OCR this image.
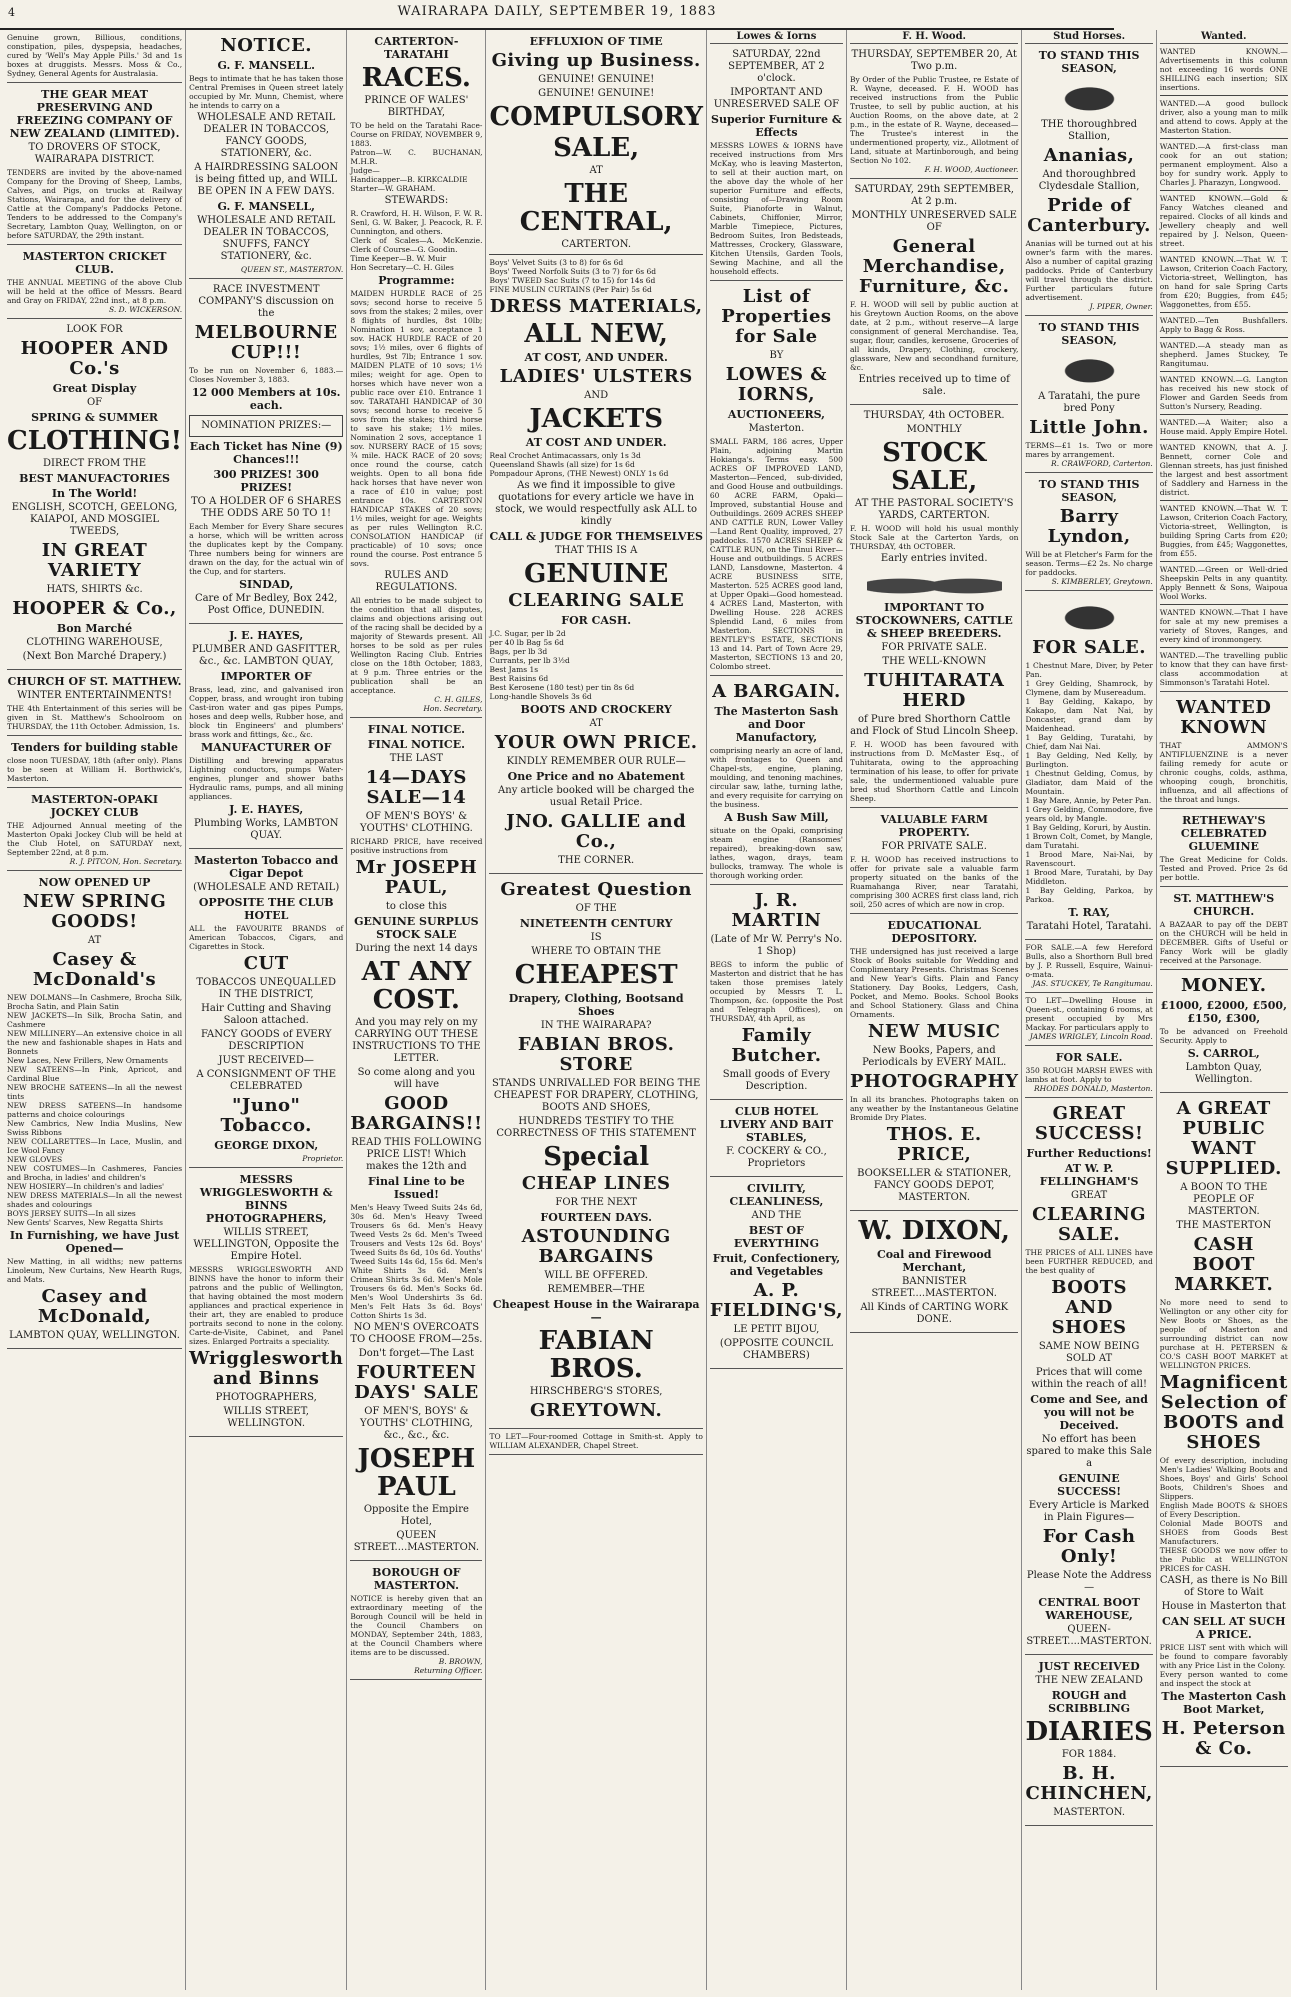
4	WAIRARAPA DAILY, SEPTEMBER 19, 1883
Genuine grown, Billious, conditions, constipation, piles, dyspepsia, headaches, cured by 'Well's May Apple Pills.' 3d and 1s boxes at druggists. Messrs. Moss & Co., Sydney, General Agents for Australasia.
THE GEAR MEAT PRESERVING AND FREEZING COMPANY OF NEW ZEALAND (LIMITED).
TO DROVERS OF STOCK, WAIRARAPA DISTRICT.
TENDERS are invited by the above-named Company for the Droving of Sheep, Lambs, Calves, and Pigs, on trucks at Railway Stations, Wairarapa, and for the delivery of Cattle at the Company's Paddocks Petone. Tenders to be addressed to the Company's Secretary, Lambton Quay, Wellington, on or before SATURDAY, the 29th instant.
MASTERTON CRICKET CLUB.
THE ANNUAL MEETING of the above Club will be held at the office of Messrs. Beard and Gray on FRIDAY, 22nd inst., at 8 p.m.
S. D. WICKERSON.
LOOK FOR
HOOPER AND Co.'s
Great Display
OF
SPRING & SUMMER
CLOTHING!
DIRECT FROM THE
BEST MANUFACTORIES
In The World!
ENGLISH, SCOTCH, GEELONG, KAIAPOI, AND MOSGIEL TWEEDS,
IN GREAT VARIETY
HATS, SHIRTS &c.
HOOPER & Co.,
Bon Marché
CLOTHING WAREHOUSE,
(Next Bon Marché Drapery.)
CHURCH OF ST. MATTHEW.
WINTER ENTERTAINMENTS!
THE 4th Entertainment of this series will be given in St. Matthew's Schoolroom on THURSDAY, the 11th October. Admission, 1s.
Tenders for building stable
close noon TUESDAY, 18th (after only). Plans to be seen at William H. Borthwick's, Masterton.
MASTERTON-OPAKI JOCKEY CLUB
THE Adjourned Annual meeting of the Masterton Opaki Jockey Club will be held at the Club Hotel, on SATURDAY next, September 22nd, at 8 p.m.
R. J. PITCON, Hon. Secretary.
NOW OPENED UP
NEW SPRING GOODS!
AT
Casey & McDonald's
NEW DOLMANS—In Cashmere, Brocha Silk, Brocha Satin, and Plain Satin
NEW JACKETS—In Silk, Brocha Satin, and Cashmere
NEW MILLINERY—An extensive choice in all the new and fashionable shapes in Hats and Bonnets
New Laces, New Frillers, New Ornaments
NEW SATEENS—In Pink, Apricot, and Cardinal Blue
NEW BROCHE SATEENS—In all the newest tints
NEW DRESS SATEENS—In handsome patterns and choice colourings
New Cambrics, New India Muslins, New Swiss Ribbons
NEW COLLARETTES—In Lace, Muslin, and Ice Wool Fancy
NEW GLOVES
NEW COSTUMES—In Cashmeres, Fancies and Brocha, in ladies' and children's
NEW HOSIERY—In children's and ladies'
NEW DRESS MATERIALS—In all the newest shades and colourings
BOYS JERSEY SUITS—In all sizes
New Gents' Scarves, New Regatta Shirts
In Furnishing, we have Just Opened—
New Matting, in all widths; new patterns Linoleum, New Curtains, New Hearth Rugs, and Mats.
Casey and McDonald,
LAMBTON QUAY, WELLINGTON.
NOTICE.
G. F. MANSELL.
Begs to intimate that he has taken those Central Premises in Queen street lately occupied by Mr. Munn, Chemist, where he intends to carry on a
WHOLESALE AND RETAIL DEALER IN TOBACCOS, FANCY GOODS, STATIONERY, &c.
A HAIRDRESSING SALOON is being fitted up, and WILL BE OPEN IN A FEW DAYS.
G. F. MANSELL,
WHOLESALE AND RETAIL DEALER IN TOBACCOS, SNUFFS, FANCY STATIONERY, &c.
QUEEN ST., MASTERTON.
RACE INVESTMENT COMPANY'S discussion on the
MELBOURNE CUP!!!
To be run on November 6, 1883.—Closes November 3, 1883.
12 000 Members at 10s. each.
NOMINATION PRIZES:—
Each Ticket has Nine (9) Chances!!!
300 PRIZES! 300 PRIZES!
TO A HOLDER OF 6 SHARES THE ODDS ARE 50 TO 1!
Each Member for Every Share secures a horse, which will be written across the duplicates kept by the Company. Three numbers being for winners are drawn on the day, for the actual win of the Cup, and for starters.
SINDAD,
Care of Mr Bedley, Box 242, Post Office, DUNEDIN.
J. E. HAYES,
PLUMBER AND GASFITTER, &c., &c. LAMBTON QUAY,
IMPORTER OF
Brass, lead, zinc, and galvanised iron Copper, brass, and wrought iron tubing Cast-iron water and gas pipes Pumps, hoses and deep wells, Rubber hose, and block tin Engineers' and plumbers' brass work and fittings, &c., &c.
MANUFACTURER OF
Distilling and brewing apparatus Lightning conductors, pumps Water-engines, plunger and shower baths Hydraulic rams, pumps, and all mining appliances.
J. E. HAYES,
Plumbing Works, LAMBTON QUAY.
Masterton Tobacco and Cigar Depot
(WHOLESALE AND RETAIL)
OPPOSITE THE CLUB HOTEL
ALL the FAVOURITE BRANDS of American Tobaccos, Cigars, and Cigarettes in Stock.
CUT
TOBACCOS UNEQUALLED IN THE DISTRICT,
Hair Cutting and Shaving Saloon attached.
FANCY GOODS of EVERY DESCRIPTION
JUST RECEIVED—
A CONSIGNMENT OF THE CELEBRATED
"Juno" Tobacco.
GEORGE DIXON,
Proprietor.
MESSRS WRIGGLESWORTH & BINNS PHOTOGRAPHERS,
WILLIS STREET, WELLINGTON, Opposite the Empire Hotel.
MESSRS WRIGGLESWORTH AND BINNS have the honor to inform their patrons and the public of Wellington, that having obtained the most modern appliances and practical experience in their art, they are enabled to produce portraits second to none in the colony. Carte-de-Visite, Cabinet, and Panel sizes. Enlarged Portraits a speciality.
Wrigglesworth and Binns
PHOTOGRAPHERS,
WILLIS STREET, WELLINGTON.
CARTERTON-TARATAHI
RACES.
PRINCE OF WALES' BIRTHDAY,
TO be held on the Taratahi Race-Course on FRIDAY, NOVEMBER 9, 1883.
Patron—W. C. BUCHANAN, M.H.R.
Judge—
Handicapper—B. KIRKCALDIE
Starter—W. GRAHAM.
STEWARDS:
R. Crawford, H. H. Wilson, F. W. R. Senl, G. W. Baker, J. Peacock, R. F. Cunnington, and others.
Clerk of Scales—A. McKenzie. Clerk of Course—G. Goodin.
Time Keeper—B. W. Muir
Hon Secretary—C. H. Giles
Programme:
MAIDEN HURDLE RACE of 25 sovs; second horse to receive 5 sovs from the stakes; 2 miles, over 8 flights of hurdles, 8st 10lb; Nomination 1 sov, acceptance 1 sov. HACK HURDLE RACE of 20 sovs; 1½ miles, over 6 flights of hurdles, 9st 7lb; Entrance 1 sov. MAIDEN PLATE of 10 sovs; 1½ miles; weight for age. Open to horses which have never won a public race over £10. Entrance 1 sov. TARATAHI HANDICAP of 30 sovs; second horse to receive 5 sovs from the stakes; third horse to save his stake; 1½ miles. Nomination 2 sovs, acceptance 1 sov. NURSERY RACE of 15 sovs; ¾ mile. HACK RACE of 20 sovs; once round the course, catch weights. Open to all bona fide hack horses that have never won a race of £10 in value; post entrance 10s. CARTERTON HANDICAP STAKES of 20 sovs; 1½ miles, weight for age. Weights as per rules Wellington R.C. CONSOLATION HANDICAP (if practicable) of 10 sovs; once round the course. Post entrance 5 sovs.
RULES AND REGULATIONS.
All entries to be made subject to the condition that all disputes, claims and objections arising out of the racing shall be decided by a majority of Stewards present. All horses to be sold as per rules Wellington Racing Club. Entries close on the 18th October, 1883, at 9 p.m. Three entries or the publication shall be an acceptance.
C. H. GILES,
Hon. Secretary.
FINAL NOTICE.
FINAL NOTICE.
THE LAST
14—DAYS SALE—14
OF MEN'S BOYS' & YOUTHS' CLOTHING.
RICHARD PRICE, have received positive instructions from
Mr JOSEPH PAUL,
to close this
GENUINE SURPLUS STOCK SALE
During the next 14 days
AT ANY COST.
And you may rely on my CARRYING OUT THESE INSTRUCTIONS TO THE LETTER.
So come along and you will have
GOOD BARGAINS!!
READ THIS FOLLOWING PRICE LIST! Which makes the 12th and
Final Line to be Issued!
Men's Heavy Tweed Suits 24s 6d, 30s 6d. Men's Heavy Tweed Trousers 6s 6d. Men's Heavy Tweed Vests 2s 6d. Men's Tweed Trousers and Vests 12s 6d. Boys' Tweed Suits 8s 6d, 10s 6d. Youths' Tweed Suits 14s 6d, 15s 6d. Men's White Shirts 3s 6d. Men's Crimean Shirts 3s 6d. Men's Mole Trousers 6s 6d. Men's Socks 6d. Men's Wool Undershirts 3s 6d. Men's Felt Hats 3s 6d. Boys' Cotton Shirts 1s 3d.
NO MEN'S OVERCOATS TO CHOOSE FROM—25s.
Don't forget—The Last
FOURTEEN DAYS' SALE
OF MEN'S, BOYS' & YOUTHS' CLOTHING, &c., &c., &c.
JOSEPH PAUL
Opposite the Empire Hotel,
QUEEN STREET....MASTERTON.
BOROUGH OF MASTERTON.
NOTICE is hereby given that an extraordinary meeting of the Borough Council will be held in the Council Chambers on MONDAY, September 24th, 1883, at the Council Chambers where items are to be discussed.
B. BROWN,
Returning Officer.
EFFLUXION OF TIME
Giving up Business.
GENUINE! GENUINE!
GENUINE! GENUINE!
COMPULSORY
SALE,
AT
THE CENTRAL,
CARTERTON.
Boys' Velvet Suits (3 to 8) for 6s 6d
Boys' Tweed Norfolk Suits (3 to 7) for 6s 6d
Boys' TWEED Sac Suits (7 to 15) for 14s 6d
FINE MUSLIN CURTAINS (Per Pair) 5s 6d
DRESS MATERIALS,
ALL NEW,
AT COST, AND UNDER.
LADIES' ULSTERS
AND
JACKETS
AT COST AND UNDER.
Real Crochet Antimacassars, only 1s 3d
Queensland Shawls (all size) for 1s 6d
Pompadour Aprons, (THE Newest) ONLY 1s 6d
As we find it impossible to give quotations for every article we have in stock, we would respectfully ask ALL to kindly
CALL & JUDGE FOR THEMSELVES
THAT THIS IS A
GENUINE
CLEARING SALE
FOR CASH.
J.C. Sugar, per lb 2d
per 40 lb Bag 5s 6d
Bags, per lb 3d
Currants, per lb 3½d
Best Jams 1s
Best Raisins 6d
Best Kerosene (180 test) per tin 8s 6d
Long-handle Shovels 3s 6d
BOOTS AND CROCKERY
AT
YOUR OWN PRICE.
KINDLY REMEMBER OUR RULE—
One Price and no Abatement
Any article booked will be charged the usual Retail Price.
JNO. GALLIE and Co.,
THE CORNER.
Greatest Question
OF THE
NINETEENTH CENTURY
IS
WHERE TO OBTAIN THE
CHEAPEST
Drapery, Clothing, Bootsand Shoes
IN THE WAIRARAPA?
FABIAN BROS. STORE
STANDS UNRIVALLED FOR BEING THE CHEAPEST FOR DRAPERY, CLOTHING, BOOTS AND SHOES,
HUNDREDS TESTIFY TO THE CORRECTNESS OF THIS STATEMENT
Special
CHEAP LINES
FOR THE NEXT
FOURTEEN DAYS.
ASTOUNDING BARGAINS
WILL BE OFFERED.
REMEMBER—THE
Cheapest House in the Wairarapa—
FABIAN BROS.
HIRSCHBERG'S STORES,
GREYTOWN.
TO LET—Four-roomed Cottage in Smith-st. Apply to WILLIAM ALEXANDER, Chapel Street.
Lowes & Iorns
SATURDAY, 22nd SEPTEMBER, AT 2 o'clock.
IMPORTANT AND UNRESERVED SALE OF
Superior Furniture & Effects
MESSRS LOWES & IORNS have received instructions from Mrs McKay, who is leaving Masterton, to sell at their auction mart, on the above day the whole of her superior Furniture and effects, consisting of—Drawing Room Suite, Pianoforte in Walnut, Cabinets, Chiffonier, Mirror, Marble Timepiece, Pictures, Bedroom Suites, Iron Bedsteads, Mattresses, Crockery, Glassware, Kitchen Utensils, Garden Tools, Sewing Machine, and all the household effects.
List of Properties for Sale
BY
LOWES & IORNS,
AUCTIONEERS,
Masterton.
SMALL FARM, 186 acres, Upper Plain, adjoining Martin Hokianga's. Terms easy. 500 ACRES OF IMPROVED LAND, Masterton—Fenced, sub-divided, and Good House and outbuildings. 60 ACRE FARM, Opaki—Improved, substantial House and Outbuildings. 2609 ACRES SHEEP AND CATTLE RUN, Lower Valley—Land Rent Quality, improved, 27 paddocks. 1570 ACRES SHEEP & CATTLE RUN, on the Tinui River—House and outbuildings. 5 ACRES LAND, Lansdowne, Masterton. 4 ACRE BUSINESS SITE, Masterton. 525 ACRES good land, at Upper Opaki—Good homestead. 4 ACRES Land, Masterton, with Dwelling House. 228 ACRES Splendid Land, 6 miles from Masterton. SECTIONS in BENTLEY'S ESTATE, SECTIONS 13 and 14. Part of Town Acre 29, Masterton, SECTIONS 13 and 20, Colombo street.
A BARGAIN.
The Masterton Sash and Door Manufactory,
comprising nearly an acre of land, with frontages to Queen and Chapel-sts, engine, planing, moulding, and tenoning machines, circular saw, lathe, turning lathe, and every requisite for carrying on the business.
A Bush Saw Mill,
situate on the Opaki, comprising steam engine (Ransomes' repaired), breaking-down saw, lathes, wagon, drays, team bullocks, tramway. The whole is thorough working order.
J. R. MARTIN
(Late of Mr W. Perry's No. 1 Shop)
BEGS to inform the public of Masterton and district that he has taken those premises lately occupied by Messrs T. L. Thompson, &c. (opposite the Post and Telegraph Offices), on THURSDAY, 4th April, as
Family Butcher.
Small goods of Every Description.
CLUB HOTEL LIVERY AND BAIT STABLES,
F. COCKERY & CO., Proprietors
CIVILITY, CLEANLINESS,
AND THE
BEST OF EVERYTHING
Fruit, Confectionery, and Vegetables
A. P. FIELDING'S,
LE PETIT BIJOU,
(OPPOSITE COUNCIL CHAMBERS)
F. H. Wood.
THURSDAY, SEPTEMBER 20, At Two p.m.
By Order of the Public Trustee, re Estate of R. Wayne, deceased. F. H. WOOD has received instructions from the Public Trustee, to sell by public auction, at his Auction Rooms, on the above date, at 2 p.m., in the estate of R. Wayne, deceased—The Trustee's interest in the undermentioned property, viz., Allotment of Land, situate at Martinborough, and being Section No 102.
F. H. WOOD, Auctioneer.
SATURDAY, 29th SEPTEMBER, At 2 p.m.
MONTHLY UNRESERVED SALE OF
General Merchandise, Furniture, &c.
F. H. WOOD will sell by public auction at his Greytown Auction Rooms, on the above date, at 2 p.m., without reserve—A large consignment of general Merchandise. Tea, sugar, flour, candles, kerosene, Groceries of all kinds, Drapery, Clothing, crockery, glassware, New and secondhand furniture, &c.
Entries received up to time of sale.
THURSDAY, 4th OCTOBER.
MONTHLY
STOCK SALE,
AT THE PASTORAL SOCIETY'S YARDS, CARTERTON.
F. H. WOOD will hold his usual monthly Stock Sale at the Carterton Yards, on THURSDAY, 4th OCTOBER.
Early entries invited.
IMPORTANT TO STOCKOWNERS, CATTLE & SHEEP BREEDERS.
FOR PRIVATE SALE.
THE WELL-KNOWN
TUHITARATA HERD
of Pure bred Shorthorn Cattle and Flock of Stud Lincoln Sheep.
F. H. WOOD has been favoured with instructions from D. McMaster Esq., of Tuhitarata, owing to the approaching termination of his lease, to offer for private sale, the undermentioned valuable pure bred stud Shorthorn Cattle and Lincoln Sheep.
VALUABLE FARM PROPERTY.
FOR PRIVATE SALE.
F. H. WOOD has received instructions to offer for private sale a valuable farm property situated on the banks of the Ruamahanga River, near Taratahi, comprising 300 ACRES first class land, rich soil, 250 acres of which are now in crop.
EDUCATIONAL DEPOSITORY.
THE undersigned has just received a large Stock of Books suitable for Wedding and Complimentary Presents. Christmas Scenes and New Year's Gifts. Plain and Fancy Stationery. Day Books, Ledgers, Cash, Pocket, and Memo. Books. School Books and School Stationery. Glass and China Ornaments.
NEW MUSIC
New Books, Papers, and Periodicals by EVERY MAIL.
PHOTOGRAPHY
In all its branches. Photographs taken on any weather by the Instantaneous Gelatine Bromide Dry Plates.
THOS. E. PRICE,
BOOKSELLER & STATIONER, FANCY GOODS DEPOT, MASTERTON.
W. DIXON,
Coal and Firewood Merchant,
BANNISTER STREET....MASTERTON.
All Kinds of CARTING WORK DONE.
Stud Horses.
TO STAND THIS SEASON,
THE thoroughbred Stallion,
Ananias,
And thoroughbred Clydesdale Stallion,
Pride of Canterbury.
Ananias will be turned out at his owner's farm with the mares. Also a number of capital grazing paddocks. Pride of Canterbury will travel through the district. Further particulars future advertisement.
J. PIPER, Owner.
TO STAND THIS SEASON,
A Taratahi, the pure bred Pony
Little John.
TERMS—£1 1s. Two or more mares by arrangement.
R. CRAWFORD, Carterton.
TO STAND THIS SEASON,
Barry Lyndon,
Will be at Fletcher's Farm for the season. Terms—£2 2s. No charge for paddocks.
S. KIMBERLEY, Greytown.
FOR SALE.
1 Chestnut Mare, Diver, by Peter Pan.
1 Grey Gelding, Shamrock, by Clymene, dam by Musereadum.
1 Bay Gelding, Kakapo, by Kakapo, dam Nat Nai, by Doncaster, grand dam by Maidenhead.
1 Bay Gelding, Turatahi, by Chief, dam Nai Nai.
1 Bay Gelding, Ned Kelly, by Burlington.
1 Chestnut Gelding, Comus, by Gladiator, dam Maid of the Mountain.
1 Bay Mare, Annie, by Peter Pan.
1 Grey Gelding, Commodore, five years old, by Mangle.
1 Bay Gelding, Koruri, by Austin.
1 Brown Colt, Comet, by Mangle, dam Turatahi.
1 Brood Mare, Nai-Nai, by Ravenscourt.
1 Brood Mare, Turatahi, by Day Middleton.
1 Bay Gelding, Parkoa, by Parkoa.
T. RAY,
Taratahi Hotel, Taratahi.
FOR SALE.—A few Hereford Bulls, also a Shorthorn Bull bred by J. P. Russell, Esquire, Wainui-o-mata.
JAS. STUCKEY, Te Rangitumau.
TO LET—Dwelling House in Queen-st., containing 6 rooms, at present occupied by Mrs Mackay. For particulars apply to
JAMES WRIGLEY, Lincoln Road.
FOR SALE.
350 ROUGH MARSH EWES with lambs at foot. Apply to
RHODES DONALD, Masterton.
GREAT SUCCESS!
Further Reductions!
AT W. P. FELLINGHAM'S
GREAT
CLEARING SALE.
THE PRICES of ALL LINES have been FURTHER REDUCED, and the best quality of
BOOTS AND SHOES
SAME NOW BEING SOLD AT
Prices that will come within the reach of all!
Come and See, and you will not be Deceived.
No effort has been spared to make this Sale a
GENUINE SUCCESS!
Every Article is Marked in Plain Figures—
For Cash Only!
Please Note the Address—
CENTRAL BOOT WAREHOUSE,
QUEEN-STREET....MASTERTON.
JUST RECEIVED
THE NEW ZEALAND
ROUGH and SCRIBBLING
DIARIES
FOR 1884.
B. H. CHINCHEN,
MASTERTON.
Wanted.
WANTED KNOWN.—Advertisements in this column not exceeding 16 words ONE SHILLING each insertion; SIX insertions.
WANTED.—A good bullock driver, also a young man to milk and attend to cows. Apply at the Masterton Station.
WANTED.—A first-class man cook for an out station; permanent employment. Also a boy for sundry work. Apply to Charles J. Pharazyn, Longwood.
WANTED KNOWN.—Gold & Fancy Watches cleaned and repaired. Clocks of all kinds and Jewellery cheaply and well repaired by J. Nelson, Queen-street.
WANTED KNOWN.—That W. T. Lawson, Criterion Coach Factory, Victoria-street, Wellington, has on hand for sale Spring Carts from £20; Buggies, from £45; Waggonettes, from £55.
WANTED.—Ten Bushfallers. Apply to Bagg & Ross.
WANTED.—A steady man as shepherd. James Stuckey, Te Rangitumau.
WANTED KNOWN.—G. Langton has received his new stock of Flower and Garden Seeds from Sutton's Nursery, Reading.
WANTED.—A Waiter; also a House maid. Apply Empire Hotel.
WANTED KNOWN, that A. J. Bennett, corner Cole and Glennan streets, has just finished the largest and best assortment of Saddlery and Harness in the district.
WANTED KNOWN.—That W. T. Lawson, Criterion Coach Factory, Victoria-street, Wellington, is building Spring Carts from £20; Buggies, from £45; Waggonettes, from £55.
WANTED.—Green or Well-dried Sheepskin Pelts in any quantity. Apply Bennett & Sons, Waipoua Wool Works.
WANTED KNOWN.—That I have for sale at my new premises a variety of Stoves, Ranges, and every kind of ironmongery.
WANTED.—The travelling public to know that they can have first-class accommodation at Simmonson's Taratahi Hotel.
WANTED KNOWN
THAT AMMON'S ANTIFLUENZINE is a never failing remedy for acute or chronic coughs, colds, asthma, whooping cough, bronchitis, influenza, and all affections of the throat and lungs.
RETHEWAY'S CELEBRATED GLUEMINE
The Great Medicine for Colds. Tested and Proved. Price 2s 6d per bottle.
ST. MATTHEW'S CHURCH.
A BAZAAR to pay off the DEBT on the CHURCH will be held in DECEMBER. Gifts of Useful or Fancy Work will be gladly received at the Parsonage.
MONEY.
£1000, £2000, £500, £150, £300,
To be advanced on Freehold Security. Apply to
S. CARROL,
Lambton Quay, Wellington.
A GREAT PUBLIC WANT SUPPLIED.
A BOON TO THE PEOPLE OF MASTERTON.
THE MASTERTON
CASH BOOT MARKET.
No more need to send to Wellington or any other city for New Boots or Shoes, as the people of Masterton and surrounding district can now purchase at H. PETERSEN & CO.'S CASH BOOT MARKET at WELLINGTON PRICES.
Magnificent Selection of BOOTS and SHOES
Of every description, including Men's Ladies' Walking Boots and Shoes, Boys' and Girls' School Boots, Children's Shoes and Slippers.
English Made BOOTS & SHOES of Every Description.
Colonial Made BOOTS and SHOES from Goods Best Manufacturers.
THESE GOODS we now offer to the Public at WELLINGTON PRICES for CASH.
CASH, as there is No Bill of Store to Wait
House in Masterton that
CAN SELL AT SUCH A PRICE.
PRICE LIST sent with which will be found to compare favorably with any Price List in the Colony.
Every person wanted to come and inspect the stock at
The Masterton Cash Boot Market,
H. Peterson & Co.
